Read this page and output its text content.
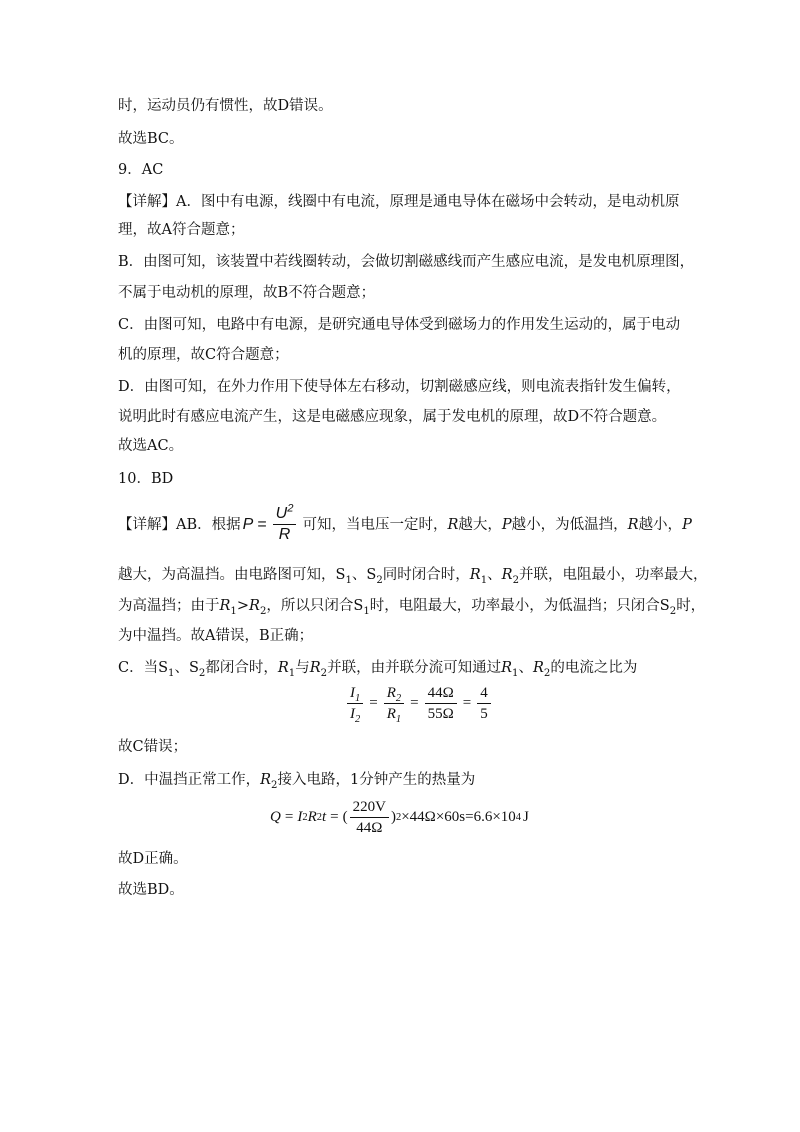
时，运动员仍有惯性，故D错误。
故选BC。
9．AC
【详解】A．图中有电源，线圈中有电流，原理是通电导体在磁场中会转动，是电动机原
理，故A符合题意；
B．由图可知，该装置中若线圈转动，会做切割磁感线而产生感应电流，是发电机原理图，
不属于电动机的原理，故B不符合题意；
C．由图可知，电路中有电源，是研究通电导体受到磁场力的作用发生运动的，属于电动
机的原理，故C符合题意；
D．由图可知，在外力作用下使导体左右移动，切割磁感应线，则电流表指针发生偏转，
说明此时有感应电流产生，这是电磁感应现象，属于发电机的原理，故D不符合题意。
故选AC。
10．BD
【详解】AB．根据 $P = \frac{U^2}{R}$ 可知，当电压一定时， R 越大， P 越小，为低温挡， R 越小， P
越大，为高温挡。由电路图可知，$S_1$、$S_2$同时闭合时，$R_1$、$R_2$并联，电阻最小，功率最大，
为高温挡；由于$R_1>R_2$，所以只闭合$S_1$时，电阻最大，功率最小，为低温挡；只闭合$S_2$时，
为中温挡。故A错误，B正确；
C．当$S_1$、$S_2$都闭合时，$R_1$与$R_2$并联，由并联分流可知通过$R_1$、$R_2$的电流之比为
$\frac{I_1}{I_2} = \frac{R_2}{R_1} = \frac{44\Omega}{55\Omega} = \frac{4}{5}$
故C错误；
D．中温挡正常工作，$R_2$接入电路，1分钟产生的热量为
Q = I 2 R 2 t = ( $\frac{220V}{44\Omega}$ ) 2 ×44Ω×60s=6.6×10 4 J
故D正确。
故选BD。
